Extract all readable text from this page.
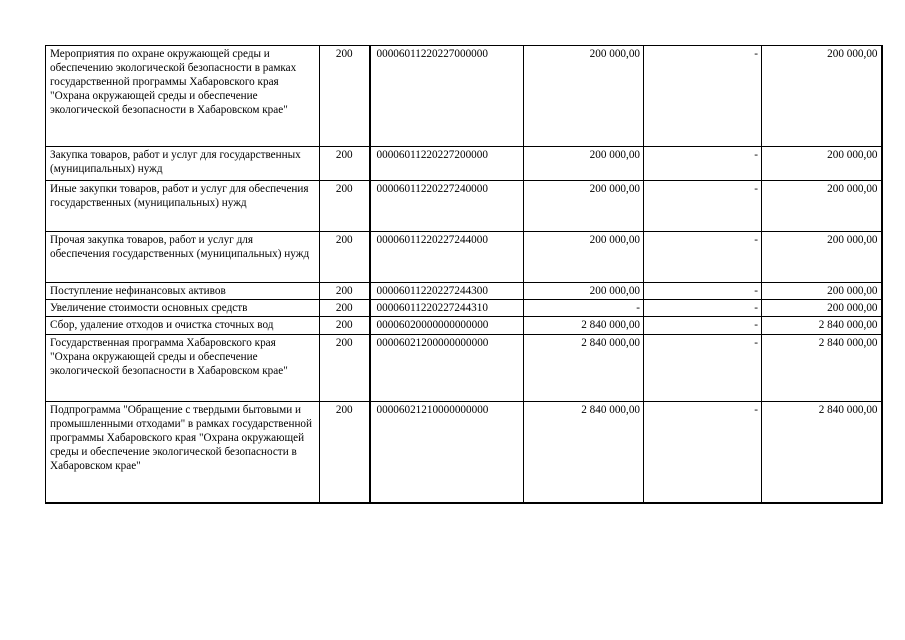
Мероприятия по охране окружающей среды и обеспечению экологической безопасности в рамках государственной программы Хабаровского края "Охрана окружающей среды и обеспечение экологической безопасности в Хабаровском крае"	200	00006011220227000000	200 000,00	-	200 000,00
Закупка товаров, работ и услуг для государственных (муниципальных) нужд	200	00006011220227200000	200 000,00	-	200 000,00
Иные закупки товаров, работ и услуг для обеспечения государственных (муниципальных) нужд	200	00006011220227240000	200 000,00	-	200 000,00
Прочая закупка товаров, работ и услуг для обеспечения государственных (муниципальных) нужд	200	00006011220227244000	200 000,00	-	200 000,00
Поступление нефинансовых активов	200	00006011220227244300	200 000,00	-	200 000,00
Увеличение стоимости основных средств	200	00006011220227244310	-	-	200 000,00
Сбор, удаление отходов и очистка сточных вод	200	00006020000000000000	2 840 000,00	-	2 840 000,00
Государственная программа Хабаровского края "Охрана окружающей среды и обеспечение экологической безопасности в Хабаровском крае"	200	00006021200000000000	2 840 000,00	-	2 840 000,00
Подпрограмма "Обращение с твердыми бытовыми и промышленными отходами" в рамках государственной программы Хабаровского края "Охрана окружающей среды и обеспечение экологической безопасности в Хабаровском крае"	200	00006021210000000000	2 840 000,00	-	2 840 000,00
